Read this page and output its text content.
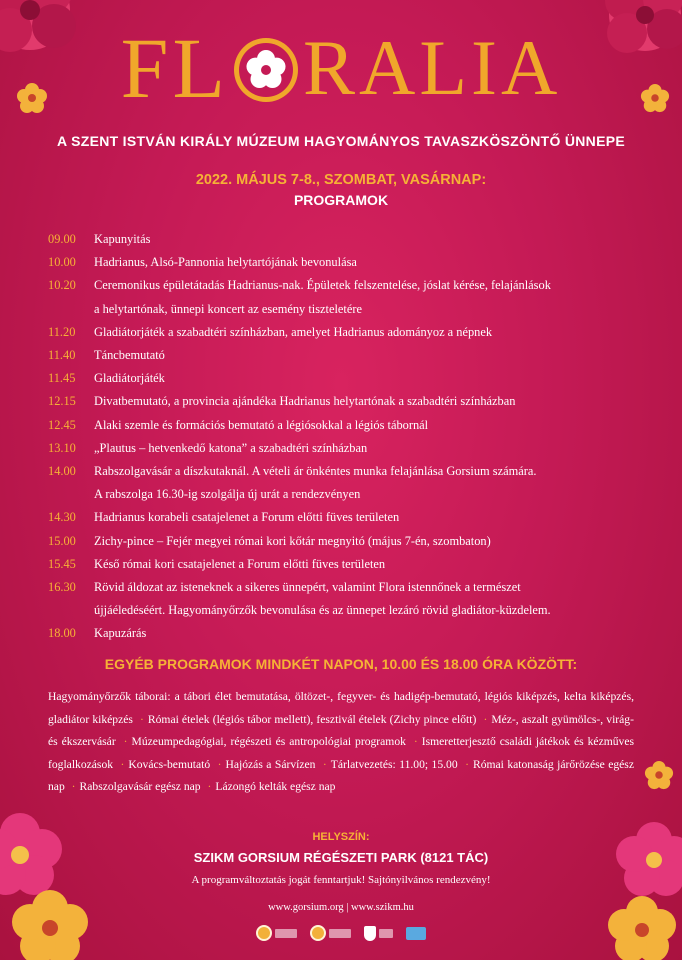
FL RALIA
A SZENT ISTVÁN KIRÁLY MÚZEUM HAGYOMÁNYOS TAVASZKÖSZÖNTŐ ÜNNEPE
2022. MÁJUS 7-8., SZOMBAT, VASÁRNAP:
PROGRAMOK
09.00	Kapunyitás
10.00	Hadrianus, Alsó-Pannonia helytartójának bevonulása
10.20	Ceremonikus épületátadás Hadrianus-nak. Épületek felszentelése, jóslat kérése, felajánlások
a helytartónak, ünnepi koncert az esemény tiszteletére
11.20	Gladiátorjáték a szabadtéri színházban, amelyet Hadrianus adományoz a népnek
11.40	Táncbemutató
11.45	Gladiátorjáték
12.15	Divatbemutató, a provincia ajándéka Hadrianus helytartónak a szabadtéri színházban
12.45	Alaki szemle és formációs bemutató a légiósokkal a légiós tábornál
13.10	„Plautus – hetvenkedő katona” a szabadtéri színházban
14.00	Rabszolgavásár a díszkutaknál. A vételi ár önkéntes munka felajánlása Gorsium számára.
A rabszolga 16.30-ig szolgálja új urát a rendezvényen
14.30	Hadrianus korabeli csatajelenet a Forum előtti füves területen
15.00	Zichy-pince – Fejér megyei római kori kőtár megnyitó (május 7-én, szombaton)
15.45	Késő római kori csatajelenet a Forum előtti füves területen
16.30	Rövid áldozat az isteneknek a sikeres ünnepért, valamint Flora istennőnek a természet
újjáéledéséért. Hagyományőrzők bevonulása és az ünnepet lezáró rövid gladiátor-küzdelem.
18.00	Kapuzárás
EGYÉB PROGRAMOK MINDKÉT NAPON, 10.00 ÉS 18.00 ÓRA KÖZÖTT:
Hagyományőrzők táborai: a tábori élet bemutatása, öltözet-, fegyver- és hadigép-bemutató, légiós kiképzés, kelta kiképzés, gladiátor kiképzés · Római ételek (légiós tábor mellett), fesztivál ételek (Zichy pince előtt) · Méz-, aszalt gyümölcs-, virág- és ékszervásár · Múzeumpedagógiai, régészeti és antropológiai programok · Ismeretterjesztő családi játékok és kézműves foglalkozások · Kovács-bemutató · Hajózás a Sárvízen · Tárlatvezetés: 11.00; 15.00 · Római katonaság járőrözése egész nap · Rabszolgavásár egész nap · Lázongó kelták egész nap
HELYSZÍN:
SZIKM GORSIUM RÉGÉSZETI PARK (8121 TÁC)
A programváltoztatás jogát fenntartjuk! Sajtónyilvános rendezvény!
www.gorsium.org | www.szikm.hu
